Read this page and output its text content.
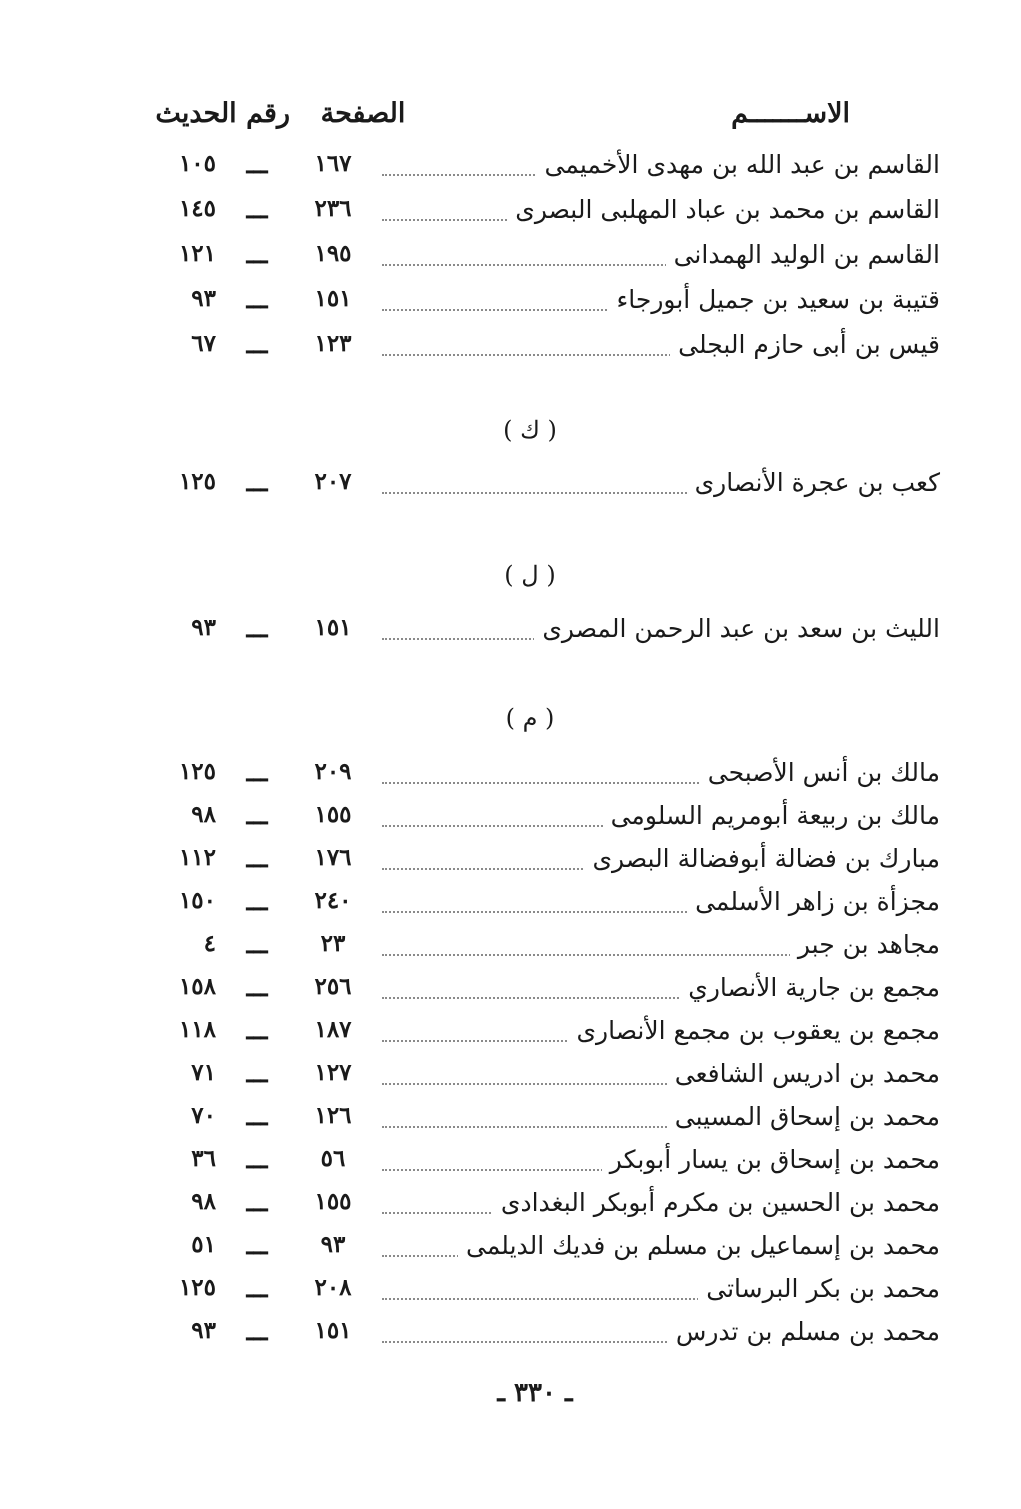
الاســـــــم
الصفحة
رقم الحديث
القاسم بن عبد الله بن مهدى الأخميمى
١٦٧
ـــ
١٠٥
القاسم بن محمد بن عباد المهلبى البصرى
٢٣٦
ـــ
١٤٥
القاسم بن الوليد الهمدانى
١٩٥
ـــ
١٢١
قتيبة بن سعيد بن جميل أبورجاء
١٥١
ـــ
٩٣
قيس بن أبى حازم البجلى
١٢٣
ـــ
٦٧
( ك )
كعب بن عجرة الأنصارى
٢٠٧
ـــ
١٢٥
( ل )
الليث بن سعد بن عبد الرحمن المصرى
١٥١
ـــ
٩٣
( م )
مالك بن أنس الأصبحى
٢٠٩
ـــ
١٢٥
مالك بن ربيعة أبومريم السلومى
١٥٥
ـــ
٩٨
مبارك بن فضالة أبوفضالة البصرى
١٧٦
ـــ
١١٢
مجزأة بن زاهر الأسلمى
٢٤٠
ـــ
١٥٠
مجاهد بن جبر
٢٣
ـــ
٤
مجمع بن جارية الأنصاري
٢٥٦
ـــ
١٥٨
مجمع بن يعقوب بن مجمع الأنصارى
١٨٧
ـــ
١١٨
محمد بن ادريس الشافعى
١٢٧
ـــ
٧١
محمد بن إسحاق المسيبى
١٢٦
ـــ
٧٠
محمد بن إسحاق بن يسار أبوبكر
٥٦
ـــ
٣٦
محمد بن الحسين بن مكرم أبوبكر البغدادى
١٥٥
ـــ
٩٨
محمد بن إسماعيل بن مسلم بن فديك الديلمى
٩٣
ـــ
٥١
محمد بن بكر البرساتى
٢٠٨
ـــ
١٢٥
محمد بن مسلم بن تدرس
١٥١
ـــ
٩٣
ـ ٣٣٠ ـ
